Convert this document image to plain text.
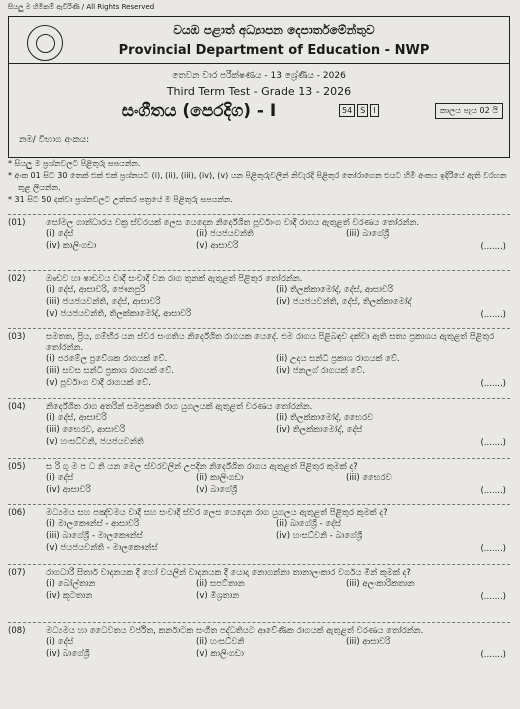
සියලු ම හිමිකම් ඇවිරිණි / All Rights Reserved
වයඹ පළාත් අධ්‍යාපන දෙපාර්තමේන්තුව
Provincial Department of Education - NWP
තෙවන වාර පරීක්ෂණය - 13 ශ්‍රේණිය - 2026
Third Term Test - Grade 13 - 2026
සංගීතය (පෙරදිග) - I	54	S	I	කාලය පැය 02 යි
නම/ විභාග අංකය:
* සියලු ම ප්‍රශ්නවලට පිළිතුරු සපයන්න.
* අංක 01 සිට 30 තෙක් එක් එක් ප්‍රශ්නයට (i), (ii), (iii), (iv), (v) යන පිළිතුරුවලින් නිවැරදි පිළිතුර තෝරාගෙන එයට හිමි අංකය ඉදිරියේ ඇති වරහන තුළ ලියන්න.
* 31 සිට 50 දක්වා ප්‍රශ්නවලට උත්තර පත්‍රයේ ම පිළිතුරු සපයන්න.
(01) සෝමල ගාන්ධාරය වක්‍ර ස්වරයක් ලෙස යෙදෙන නිර්දේශිත පූර්වාංග වාදී රාගය ඇතුළත් වරණය තෝරන්න.
(i) දේස්	(ii) ජයජයවන්ති	(iii) බාගේශ්‍රී
(iv) කාලිංගඩා	(v) ආසාවරි	(.......)
(02) ඖඩව හා ෂාඩවය වාදී සංවාදී වන රාග තුනක් ඇතුළත් පිළිතුර තෝරන්න.
(i) දේස්, ආසාවරි, ජෞනපුරි	(ii) තිලක්කාමෝද්, දේස්, ආසාවරි
(iii) ජයජයවන්ති, දේස්, ආසාවරි	(iv) ජයජයවන්ති, දේස්, තිලක්කාමෝද්
(v) ජයජයවන්ති, තිලක්කාමෝද්, ආසාවරි	(.......)
(03) සමතත, ප්‍රිය, ගම්භීර යන ස්වර සංගතිය නිර්දේශිත රාගයක යෙදේ. එම රාගය පිළිබඳව දක්වා ඇති සත්‍ය ප්‍රකාශය ඇතුළත් පිළිතුර තෝරන්න.
(i) පරමේල ප්‍රවේශක රාගයක් වේ.	(ii) උදය සන්ධි ප්‍රකාශ රාගයක් වේ.
(iii) සවස සන්ධි ප්‍රකාශ රාගයක් වේ.	(iv) ජනලග් රාගයක් වේ.
(v) පූර්වාංග වාදී රාගයක් වේ.	(.......)
(04) නිර්දේශිත රාග අතරින් සමප්‍රකෘති රාග යුගලයක් ඇතුළත් වරණය තෝරන්න.
(i) දේස්, ආසාවරි	(ii) තිලක්කාමෝද්, භෛරව
(iii) භෛරව, ආසාවරි	(iv) තිලක්කාමෝද්, දේස්
(v) හංසධ්වනි, ජයජයවන්ති	(.......)
(05) ස රි ගු ම ප ධ නි යන මෙල ස්වරවලින් උපදින නිර්දේශිත රාගය ඇතුළත් පිළිතුර කුමක් ද?
(i) දේස්	(ii) කාලිංගඩා	(iii) භෛරව
(iv) ආසාවරි	(v) බාගේශ්‍රී	(.......)
(06) මධ්‍යමය සහ පඤ්චමය වාදී සහ සංවාදී ස්වර ලෙස යෙදෙන රාග යුගලය ඇතුළත් පිළිතුර කුමක් ද?
(i) මාලකෞන්ස් - ආසාවරි	(ii) බාගේශ්‍රී - දේස්
(iii) බාගේශ්‍රී - මාලකෞන්ස්	(iv) හංසධ්වනි - බාගේශ්‍රී
(v) ජයජයවන්ති - මාලකෞන්ස්	(.......)
(07) රාගධාරී සිතාර් වාදනයක දී හෝ වයලින් වාදනයක දී යොදා නොගන්නා තානාලංකාර වර්ගය මින් කුමක් ද?
(i) බෝල්තාන	(ii) සපට්තාන	(iii) අලංකාරිකතාන
(iv) කූටතාන	(v) මිශ්‍රතාන	(.......)
(08) මධ්‍යමය හා ධෛවතය වර්ජිත, කර්නාටක සංගීත පද්ධතියට ආවේණික රාගයක් ඇතුළත් වරණය තෝරන්න.
(i) දේස්	(ii) හංසධ්වනි	(iii) ආසාවරි
(iv) බාගේශ්‍රී	(v) කාලිංගඩා	(.......)
